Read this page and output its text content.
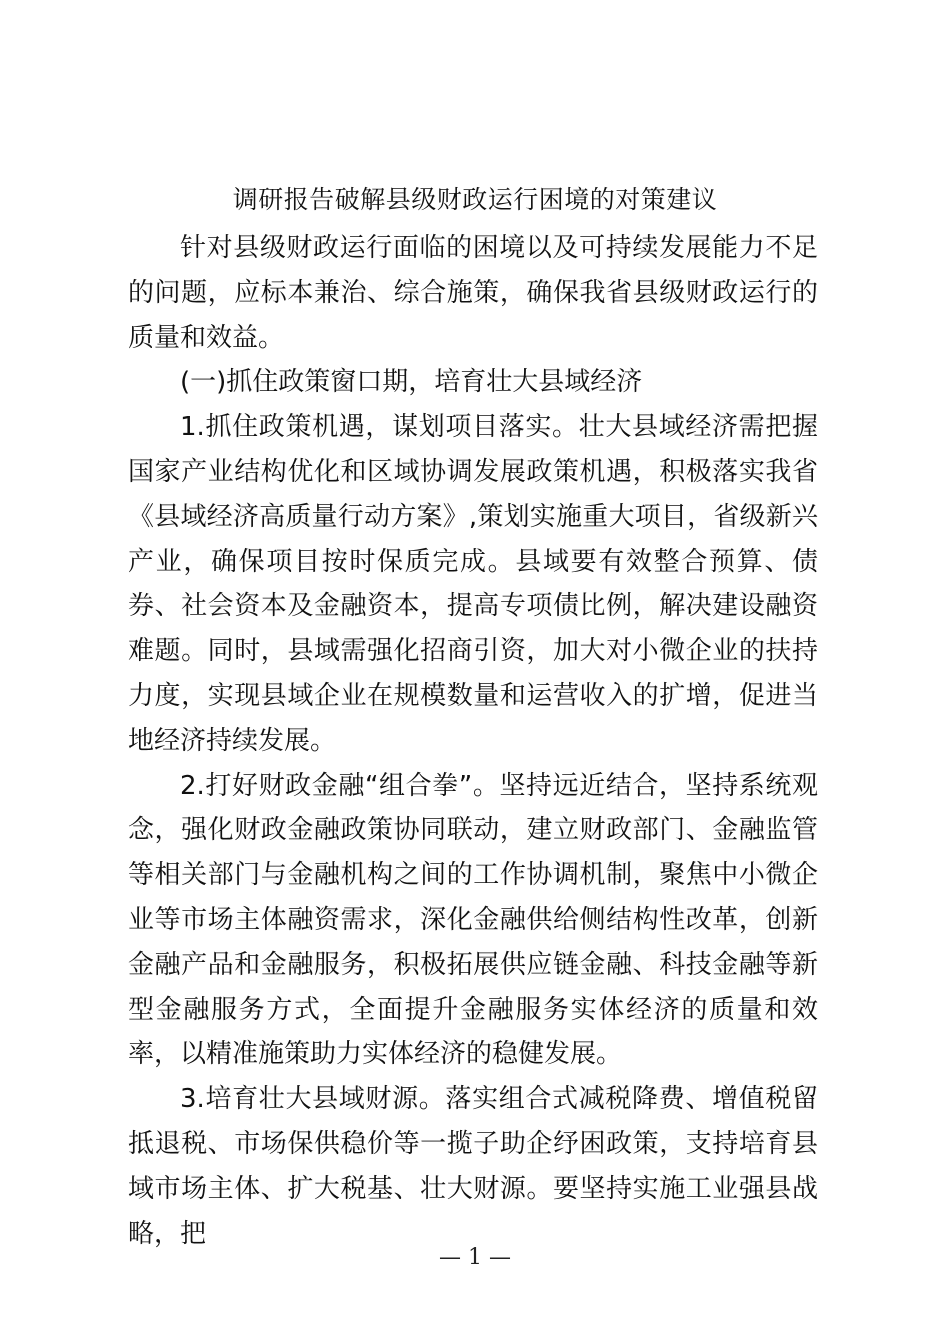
调研报告破解县级财政运行困境的对策建议

针对县级财政运行面临的困境以及可持续发展能力不足的问题，应标本兼治、综合施策，确保我省县级财政运行的质量和效益。

(一)抓住政策窗口期，培育壮大县域经济

1.抓住政策机遇，谋划项目落实。壮大县域经济需把握国家产业结构优化和区域协调发展政策机遇，积极落实我省《县域经济高质量行动方案》,策划实施重大项目，省级新兴产业，确保项目按时保质完成。县域要有效整合预算、债券、社会资本及金融资本，提高专项债比例，解决建设融资难题。同时，县域需强化招商引资，加大对小微企业的扶持力度，实现县域企业在规模数量和运营收入的扩增，促进当地经济持续发展。

2.打好财政金融“组合拳”。坚持远近结合，坚持系统观念，强化财政金融政策协同联动，建立财政部门、金融监管等相关部门与金融机构之间的工作协调机制，聚焦中小微企业等市场主体融资需求，深化金融供给侧结构性改革，创新金融产品和金融服务，积极拓展供应链金融、科技金融等新型金融服务方式，全面提升金融服务实体经济的质量和效率，以精准施策助力实体经济的稳健发展。

3.培育壮大县域财源。落实组合式减税降费、增值税留抵退税、市场保供稳价等一揽子助企纾困政策，支持培育县域市场主体、扩大税基、壮大财源。要坚持实施工业强县战略，把

— 1 —
